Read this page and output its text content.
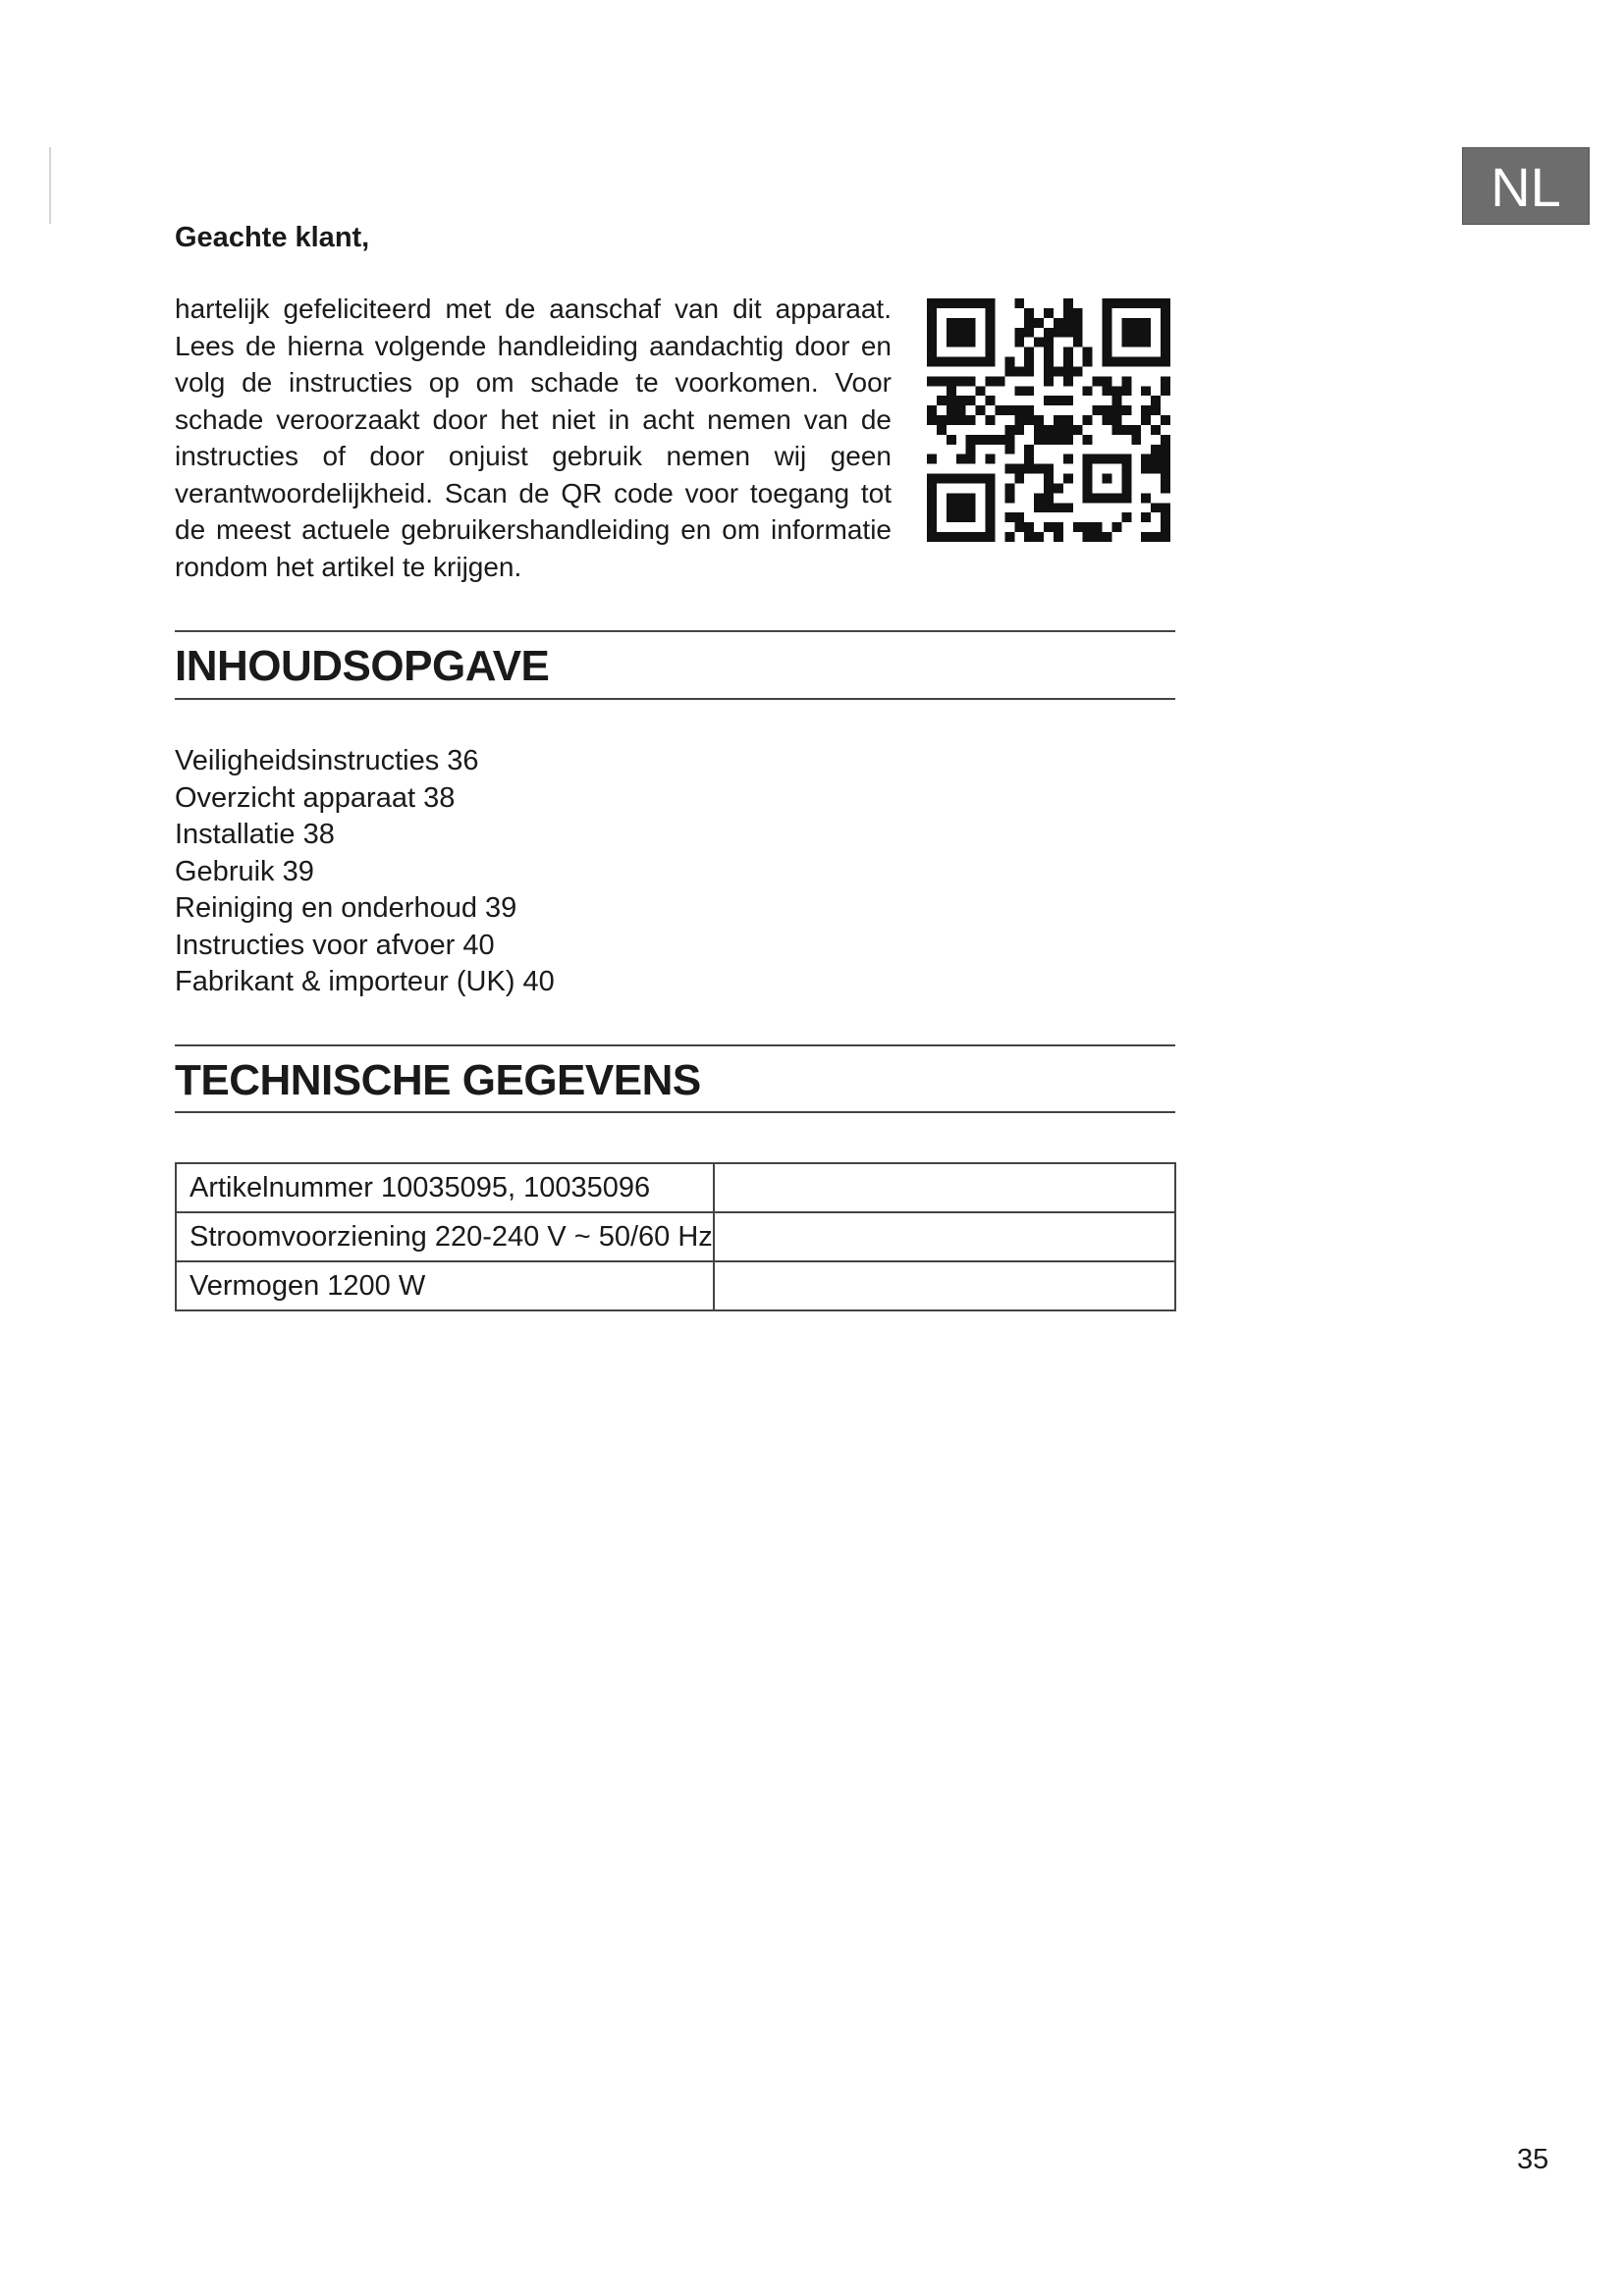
NL
Geachte klant,

hartelijk gefeliciteerd met de aanschaf van dit apparaat. Lees de hierna volgende handleiding aandachtig door en volg de instructies op om schade te voorkomen. Voor schade veroorzaakt door het niet in acht nemen van de instructies of door onjuist gebruik nemen wij geen verantwoordelijkheid. Scan de QR code voor toegang tot de meest actuele gebruikershandleiding en om informatie rondom het artikel te krijgen.

INHOUDSOPGAVE
Veiligheidsinstructies 36
Overzicht apparaat 38
Installatie 38
Gebruik 39
Reiniging en onderhoud 39
Instructies voor afvoer 40
Fabrikant & importeur (UK) 40
TECHNISCHE GEGEVENS
Artikelnummer 10035095, 10035096	
Stroomvoorziening 220-240 V ~ 50/60 Hz	
Vermogen 1200 W	
35
